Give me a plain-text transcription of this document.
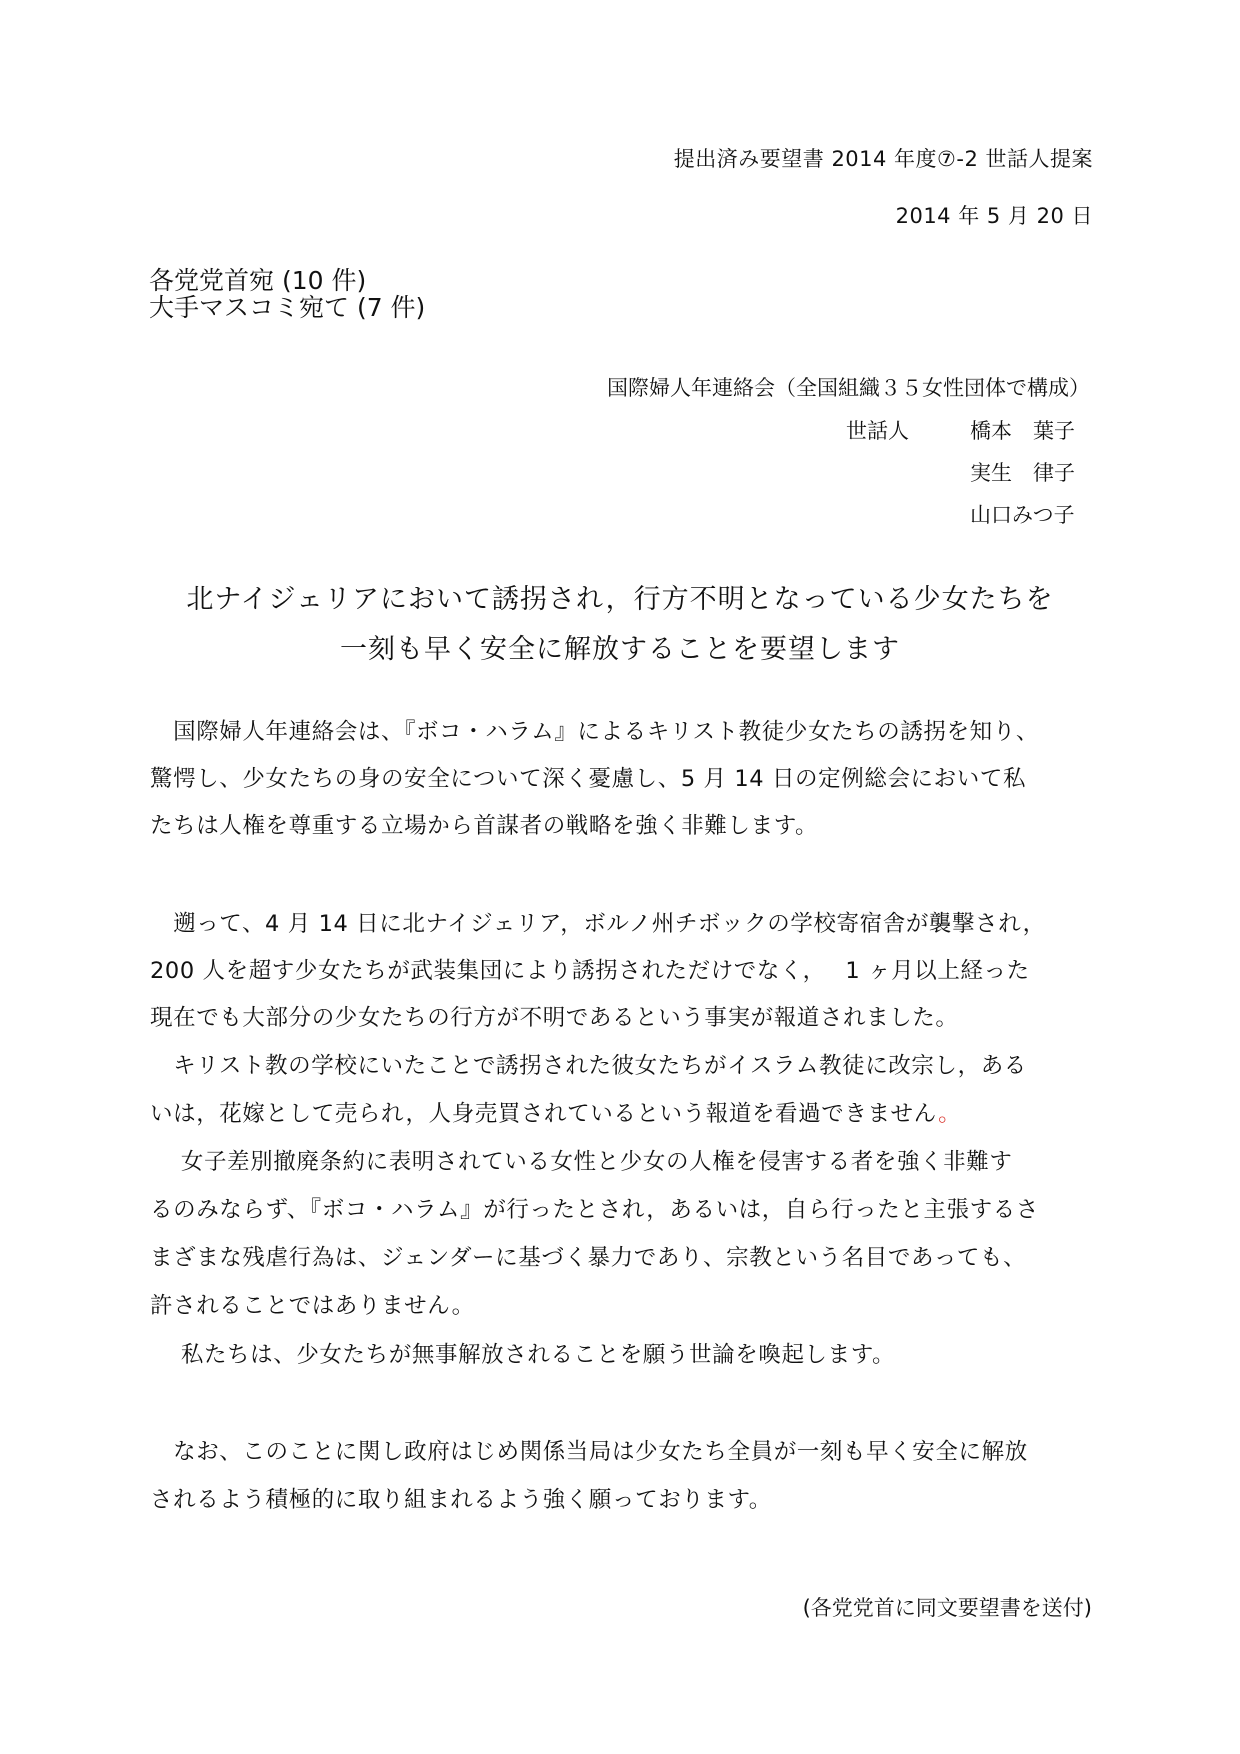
提出済み要望書 2014 年度⑦-2 世話人提案
2014 年 5 月 20 日
各党党首宛 (10 件)
大手マスコミ宛て (7 件)
国際婦人年連絡会（全国組織３５女性団体で構成）
世話人	橋本　葉子
実生　律子
山口みつ子
北ナイジェリアにおいて誘拐され，行方不明となっている少女たちを
一刻も早く安全に解放することを要望します
　国際婦人年連絡会は、『ボコ・ハラム』によるキリスト教徒少女たちの誘拐を知り、
驚愕し、少女たちの身の安全について深く憂慮し、5 月 14 日の定例総会において私
たちは人権を尊重する立場から首謀者の戦略を強く非難します。
　遡って、4 月 14 日に北ナイジェリア，ボルノ州チボックの学校寄宿舎が襲撃され，
200 人を超す少女たちが武装集団により誘拐されただけでなく，　 1 ヶ月以上経った
現在でも大部分の少女たちの行方が不明であるという事実が報道されました。
　キリスト教の学校にいたことで誘拐された彼女たちがイスラム教徒に改宗し，ある
いは，花嫁として売られ，人身売買されているという報道を看過できません。
　 女子差別撤廃条約に表明されている女性と少女の人権を侵害する者を強く非難す
るのみならず、『ボコ・ハラム』が行ったとされ，あるいは，自ら行ったと主張するさ
まざまな残虐行為は、ジェンダーに基づく暴力であり、宗教という名目であっても、
許されることではありません。
　 私たちは、少女たちが無事解放されることを願う世論を喚起します。
　なお、このことに関し政府はじめ関係当局は少女たち全員が一刻も早く安全に解放
されるよう積極的に取り組まれるよう強く願っております。
(各党党首に同文要望書を送付)
